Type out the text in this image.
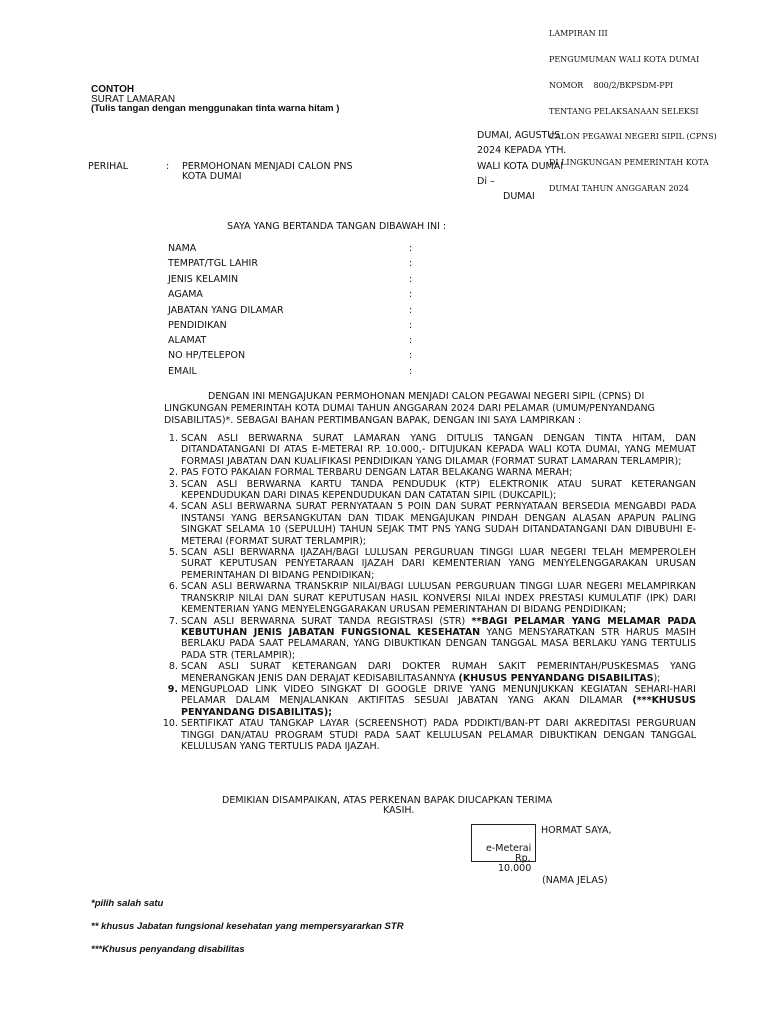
LAMPIRAN III

PENGUMUMAN WALI KOTA DUMAI

NOMOR    800/2/BKPSDM-PPI

TENTANG PELAKSANAAN SELEKSI

CALON PEGAWAI NEGERI SIPIL (CPNS)

DI LINGKUNGAN PEMERINTAH KOTA

DUMAI TAHUN ANGGARAN 2024

CONTOH
SURAT LAMARAN
(Tulis tangan dengan menggunakan tinta warna hitam )
DUMAI, AGUSTUS
2024 KEPADA YTH.
WALI KOTA DUMAI
Di –
DUMAI
PERIHAL	: PERMOHONAN MENJADI CALON PNS
KOTA DUMAI
SAYA YANG BERTANDA TANGAN DIBAWAH INI :
NAMA	:
TEMPAT/TGL LAHIR	:
JENIS KELAMIN	:
AGAMA	:
JABATAN YANG DILAMAR	:
PENDIDIKAN	:
ALAMAT	:
NO HP/TELEPON	:
EMAIL	:
DENGAN INI MENGAJUKAN PERMOHONAN MENJADI CALON PEGAWAI NEGERI SIPIL (CPNS) DI
LINGKUNGAN PEMERINTAH KOTA DUMAI TAHUN ANGGARAN 2024 DARI PELAMAR (UMUM/PENYANDANG
DISABILITAS)*. SEBAGAI BAHAN PERTIMBANGAN BAPAK, DENGAN INI SAYA LAMPIRKAN :
1. SCAN ASLI BERWARNA SURAT LAMARAN YANG DITULIS TANGAN DENGAN TINTA HITAM, DAN DITANDATANGANI DI ATAS E-METERAI RP. 10.000,- DITUJUKAN KEPADA WALI KOTA DUMAI, YANG MEMUAT FORMASI JABATAN DAN KUALIFIKASI PENDIDIKAN YANG DILAMAR (FORMAT SURAT LAMARAN TERLAMPIR);
2. PAS FOTO PAKAIAN FORMAL TERBARU DENGAN LATAR BELAKANG WARNA MERAH;
3. SCAN ASLI BERWARNA KARTU TANDA PENDUDUK (KTP) ELEKTRONIK ATAU SURAT KETERANGAN KEPENDUDUKAN DARI DINAS KEPENDUDUKAN DAN CATATAN SIPIL (DUKCAPIL);
4. SCAN ASLI BERWARNA SURAT PERNYATAAN 5 POIN DAN SURAT PERNYATAAN BERSEDIA MENGABDI PADA INSTANSI YANG BERSANGKUTAN DAN TIDAK MENGAJUKAN PINDAH DENGAN ALASAN APAPUN PALING SINGKAT SELAMA 10 (SEPULUH) TAHUN SEJAK TMT PNS YANG SUDAH DITANDATANGANI DAN DIBUBUHI E-METERAI (FORMAT SURAT TERLAMPIR);
5. SCAN ASLI BERWARNA IJAZAH/BAGI LULUSAN PERGURUAN TINGGI LUAR NEGERI TELAH MEMPEROLEH SURAT KEPUTUSAN PENYETARAAN IJAZAH DARI KEMENTERIAN YANG MENYELENGGARAKAN URUSAN PEMERINTAHAN DI BIDANG PENDIDIKAN;
6. SCAN ASLI BERWARNA TRANSKRIP NILAI/BAGI LULUSAN PERGURUAN TINGGI LUAR NEGERI MELAMPIRKAN TRANSKRIP NILAI DAN SURAT KEPUTUSAN HASIL KONVERSI NILAI INDEX PRESTASI KUMULATIF (IPK) DARI KEMENTERIAN YANG MENYELENGGARAKAN URUSAN PEMERINTAHAN DI BIDANG PENDIDIKAN;
7. SCAN ASLI BERWARNA SURAT TANDA REGISTRASI (STR) **BAGI PELAMAR YANG MELAMAR PADA KEBUTUHAN JENIS JABATAN FUNGSIONAL KESEHATAN YANG MENSYARATKAN STR HARUS MASIH BERLAKU PADA SAAT PELAMARAN, YANG DIBUKTIKAN DENGAN TANGGAL MASA BERLAKU YANG TERTULIS PADA STR (TERLAMPIR);
8. SCAN ASLI SURAT KETERANGAN DARI DOKTER RUMAH SAKIT PEMERINTAH/PUSKESMAS YANG MENERANGKAN JENIS DAN DERAJAT KEDISABILITASANNYA (KHUSUS PENYANDANG DISABILITAS);
9. MENGUPLOAD LINK VIDEO SINGKAT DI GOOGLE DRIVE YANG MENUNJUKKAN KEGIATAN SEHARI-HARI PELAMAR DALAM MENJALANKAN AKTIFITAS SESUAI JABATAN YANG AKAN DILAMAR (***KHUSUS PENYANDANG DISABILITAS);
10. SERTIFIKAT ATAU TANGKAP LAYAR (SCREENSHOT) PADA PDDIKTI/BAN-PT DARI AKREDITASI PERGURUAN TINGGI DAN/ATAU PROGRAM STUDI PADA SAAT KELULUSAN PELAMAR DIBUKTIKAN DENGAN TANGGAL KELULUSAN YANG TERTULIS PADA IJAZAH.
DEMIKIAN DISAMPAIKAN, ATAS PERKENAN BAPAK DIUCAPKAN TERIMA
KASIH.
HORMAT SAYA,
e-Meterai
Rp.
10.000
(NAMA JELAS)
*pilih salah satu
** khusus Jabatan fungsional kesehatan yang mempersyararkan STR
***Khusus penyandang disabilitas
